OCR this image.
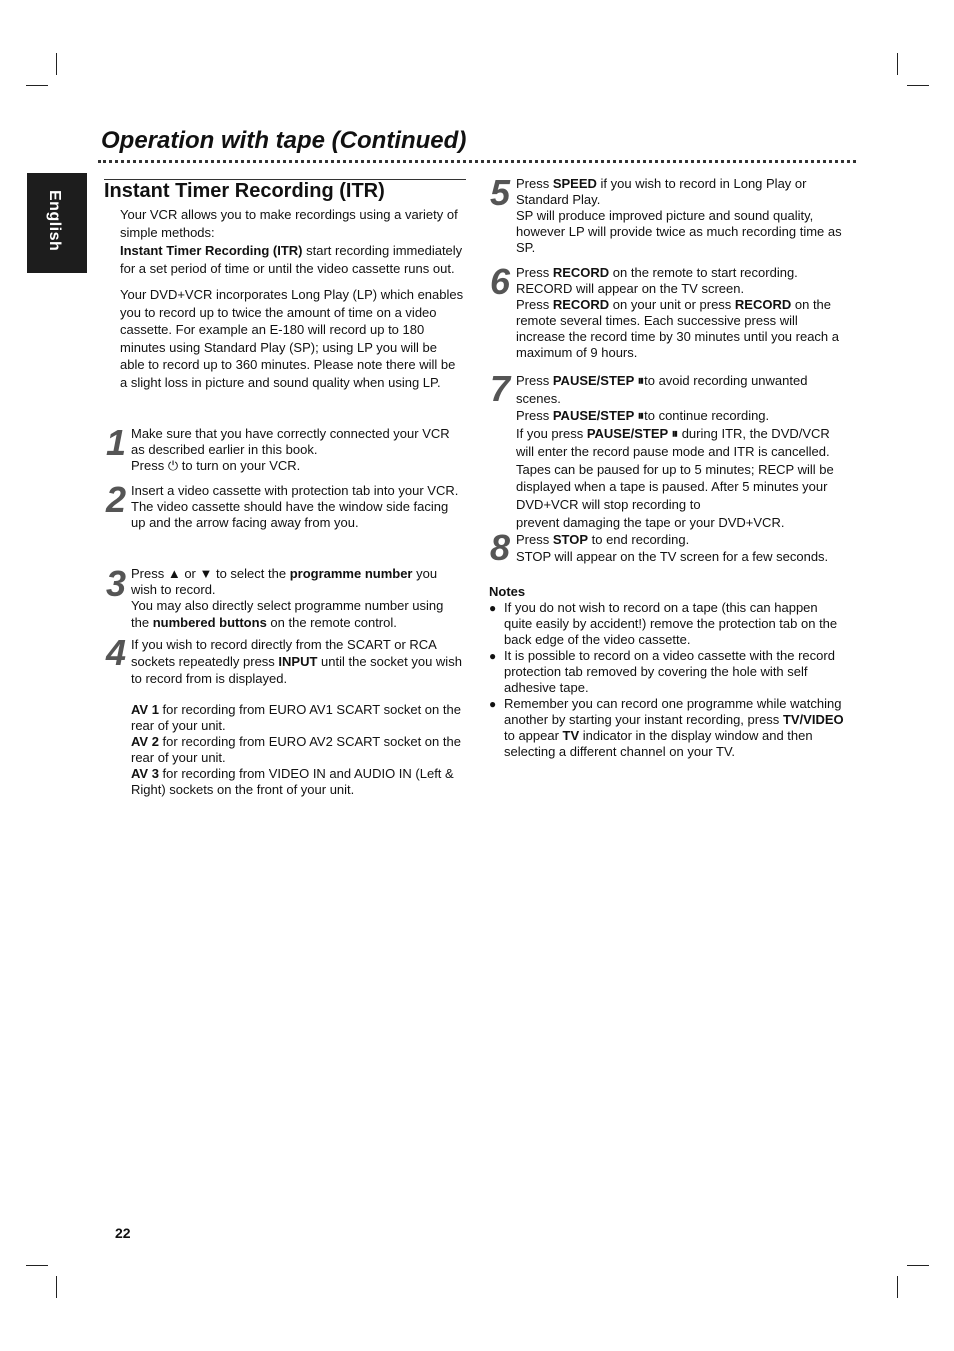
Operation with tape (Continued)
English Instant Timer Recording (ITR)

Your VCR allows you to make recordings using a variety of simple methods:

Instant Timer Recording (ITR) start recording immediately for a set period of time or until the video cassette runs out.

Your DVD+VCR incorporates Long Play (LP) which enables you to record up to twice the amount of time on a video cassette. For example an E-180 will record up to 180 minutes using Standard Play (SP); using LP you will be able to record up to 360 minutes. Please note there will be a slight loss in picture and sound quality when using LP.

1 Make sure that you have correctly connected your VCR as described earlier in this book.
Press ⏻ to turn on your VCR.
2 Insert a video cassette with protection tab into your VCR.
The video cassette should have the window side facing up and the arrow facing away from you.
3 Press ▲ or ▼ to select the programme number you wish to record.
You may also directly select programme number using the numbered buttons on the remote control.
4 If you wish to record directly from the SCART or RCA sockets repeatedly press INPUT until the socket you wish to record from is displayed.
AV 1 for recording from EURO AV1 SCART socket on the rear of your unit.
AV 2 for recording from EURO AV2 SCART socket on the rear of your unit.
AV 3 for recording from VIDEO IN and AUDIO IN (Left & Right) sockets on the front of your unit.
5 Press SPEED if you wish to record in Long Play or Standard Play.
SP will produce improved picture and sound quality, however LP will provide twice as much recording time as SP.
6 Press RECORD on the remote to start recording.
RECORD will appear on the TV screen.
Press RECORD on your unit or press RECORD on the remote several times. Each successive press will increase the record time by 30 minutes until you reach a maximum of 9 hours.
7 Press PAUSE/STEP ⏸to avoid recording unwanted scenes.
Press PAUSE/STEP ⏸to continue recording.
If you press PAUSE/STEP ⏸ during ITR, the DVD/VCR will enter the record pause mode and ITR is cancelled. Tapes can be paused for up to 5 minutes; RECP will be displayed when a tape is paused. After 5 minutes your DVD+VCR will stop recording to
prevent damaging the tape or your DVD+VCR.
8 Press STOP to end recording.
STOP will appear on the TV screen for a few seconds.
Notes
● If you do not wish to record on a tape (this can happen quite easily by accident!) remove the protection tab on the back edge of the video cassette.
● It is possible to record on a video cassette with the record protection tab removed by covering the hole with self adhesive tape.
● Remember you can record one programme while watching another by starting your instant recording, press TV/VIDEO to appear TV indicator in the display window and then selecting a different channel on your TV.
22
